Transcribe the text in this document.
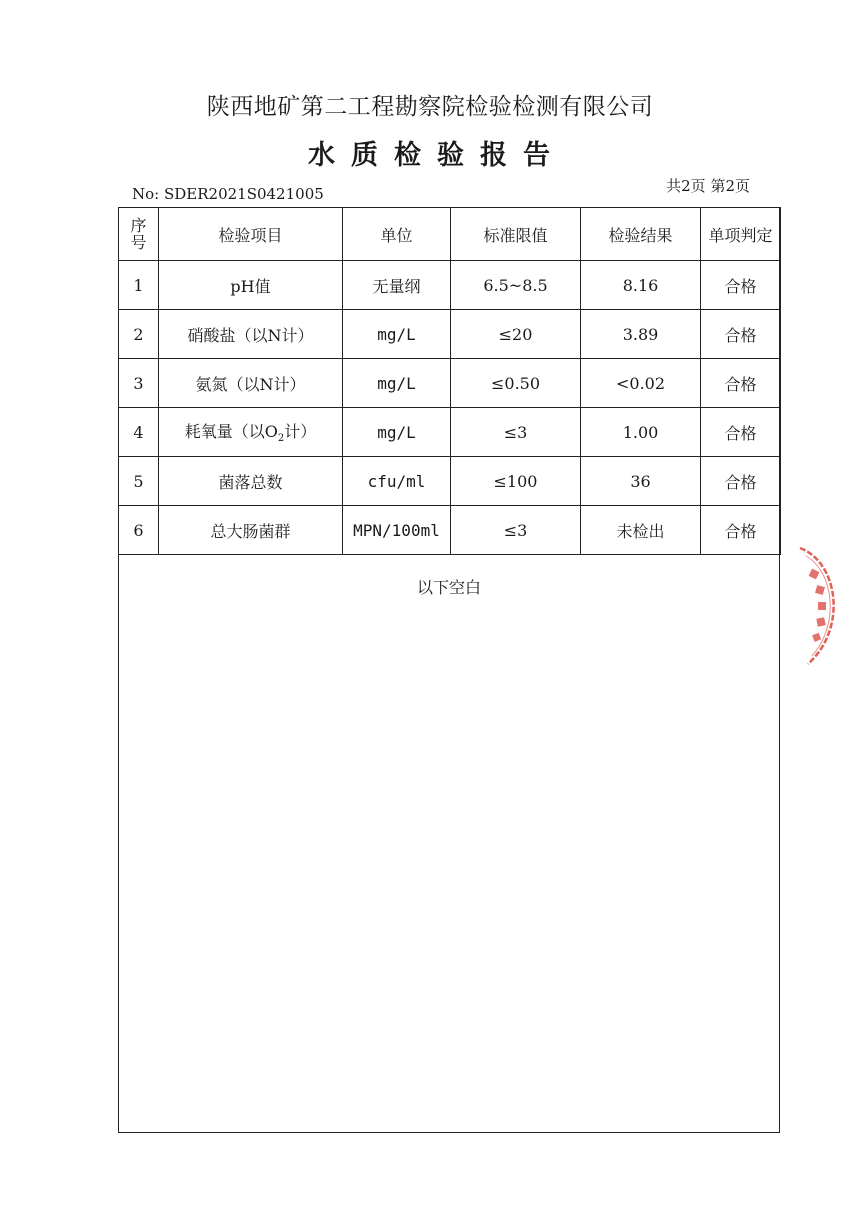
陕西地矿第二工程勘察院检验检测有限公司
水质检验报告
No: SDER2021S0421005	共2页 第2页
序号	检验项目	单位	标准限值	检验结果	单项判定
1	pH值	无量纲	6.5~8.5	8.16	合格
2	硝酸盐（以N计）	mg/L	≤20	3.89	合格
3	氨氮（以N计）	mg/L	≤0.50	<0.02	合格
4	耗氧量（以$O_2$计）	mg/L	≤3	1.00	合格
5	菌落总数	cfu/ml	≤100	36	合格
6	总大肠菌群	MPN/100ml	≤3	未检出	合格
以下空白
